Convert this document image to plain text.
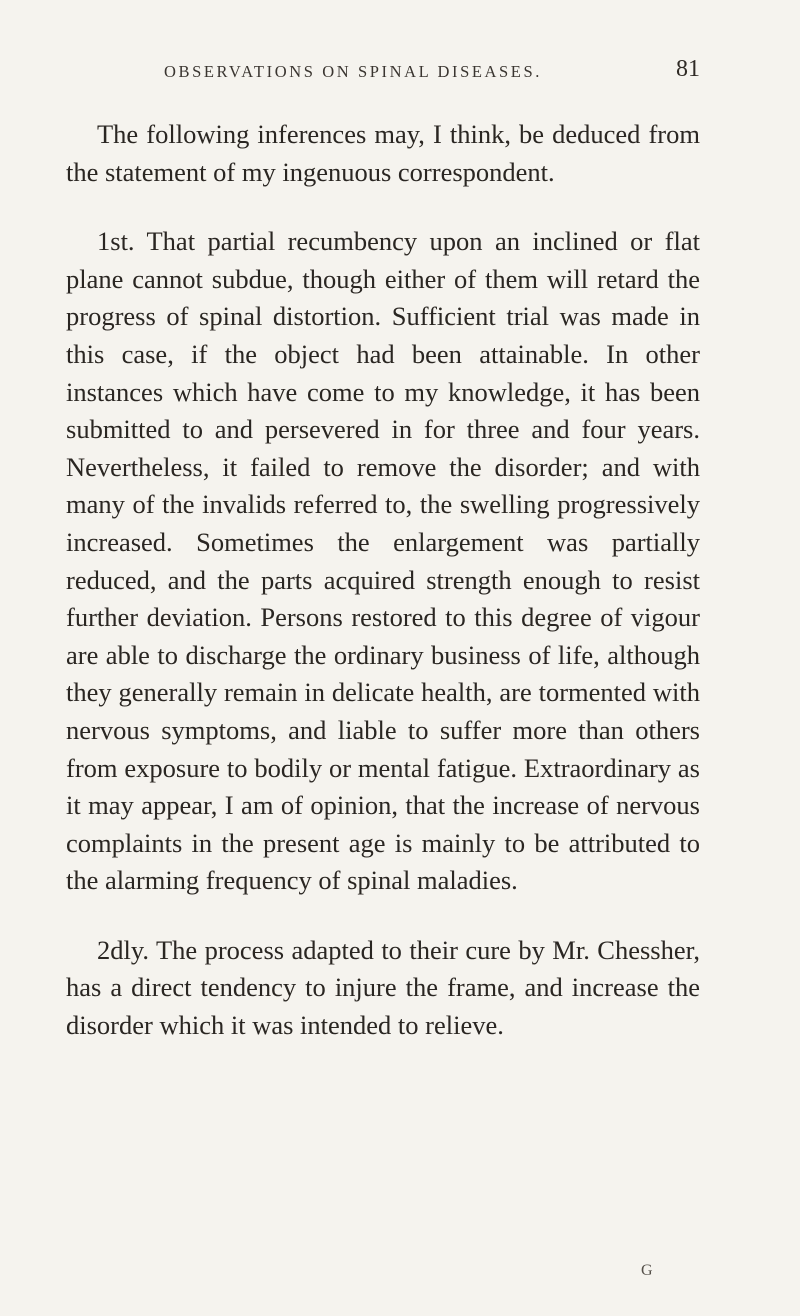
OBSERVATIONS ON SPINAL DISEASES.	81

The following inferences may, I think, be deduced from the statement of my ingenuous correspondent.

1st. That partial recumbency upon an inclined or flat plane cannot subdue, though either of them will retard the progress of spinal distortion. Sufficient trial was made in this case, if the object had been attainable. In other instances which have come to my knowledge, it has been submitted to and persevered in for three and four years. Nevertheless, it failed to remove the disorder; and with many of the invalids referred to, the swelling progressively increased. Sometimes the enlargement was partially reduced, and the parts acquired strength enough to resist further deviation. Persons restored to this degree of vigour are able to discharge the ordinary business of life, although they generally remain in delicate health, are tormented with nervous symptoms, and liable to suffer more than others from exposure to bodily or mental fatigue. Extraordinary as it may appear, I am of opinion, that the increase of nervous complaints in the present age is mainly to be attributed to the alarming frequency of spinal maladies.

2dly. The process adapted to their cure by Mr. Chessher, has a direct tendency to injure the frame, and increase the disorder which it was intended to relieve.

G
